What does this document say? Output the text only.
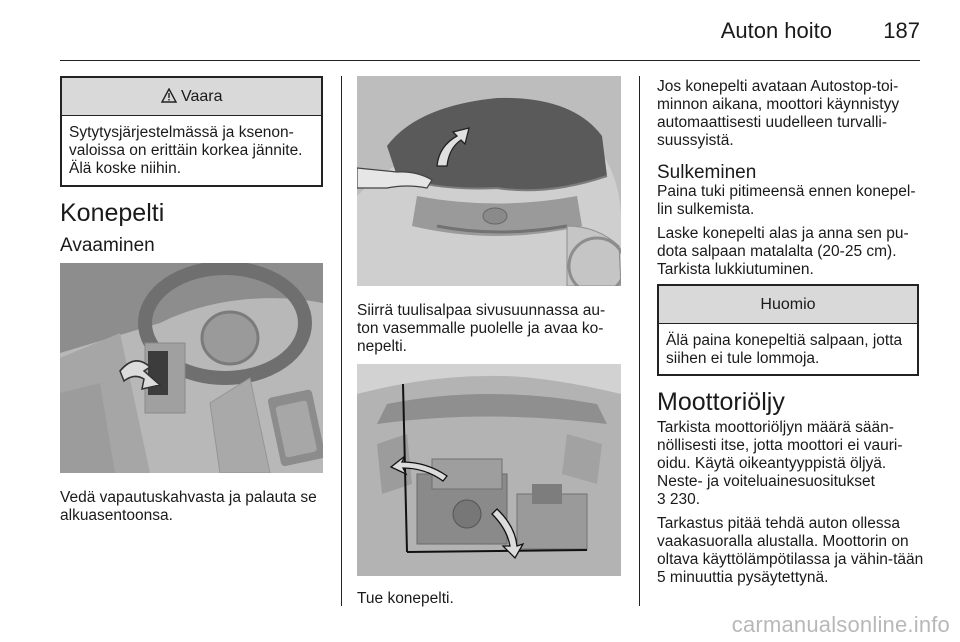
Auton hoito 187
Vaara
Sytytysjärjestelmässä ja ksenon-valoissa on erittäin korkea jännite. Älä koske niihin.
Konepelti
Avaaminen
Vedä vapautuskahvasta ja palauta se alkuasentoonsa.
Siirrä tuulisalpaa sivusuunnassa au-ton vasemmalle puolelle ja avaa ko-nepelti.
Tue konepelti.
Jos konepelti avataan Autostop-toi-minnon aikana, moottori käynnistyy automaattisesti uudelleen turvalli-suussyistä.
Sulkeminen
Paina tuki pitimeensä ennen konepel-lin sulkemista.
Laske konepelti alas ja anna sen pu-dota salpaan matalalta (20-25 cm). Tarkista lukkiutuminen.
Huomio
Älä paina konepeltiä salpaan, jotta siihen ei tule lommoja.
Moottoriöljy
Tarkista moottoriöljyn määrä sään-nöllisesti itse, jotta moottori ei vauri-oidu. Käytä oikeantyyppistä öljyä. Neste- ja voiteluainesuositukset
3 230.
Tarkastus pitää tehdä auton ollessa vaakasuoralla alustalla. Moottorin on oltava käyttölämpötilassa ja vähin-tään 5 minuuttia pysäytettynä.
carmanualsonline.info
